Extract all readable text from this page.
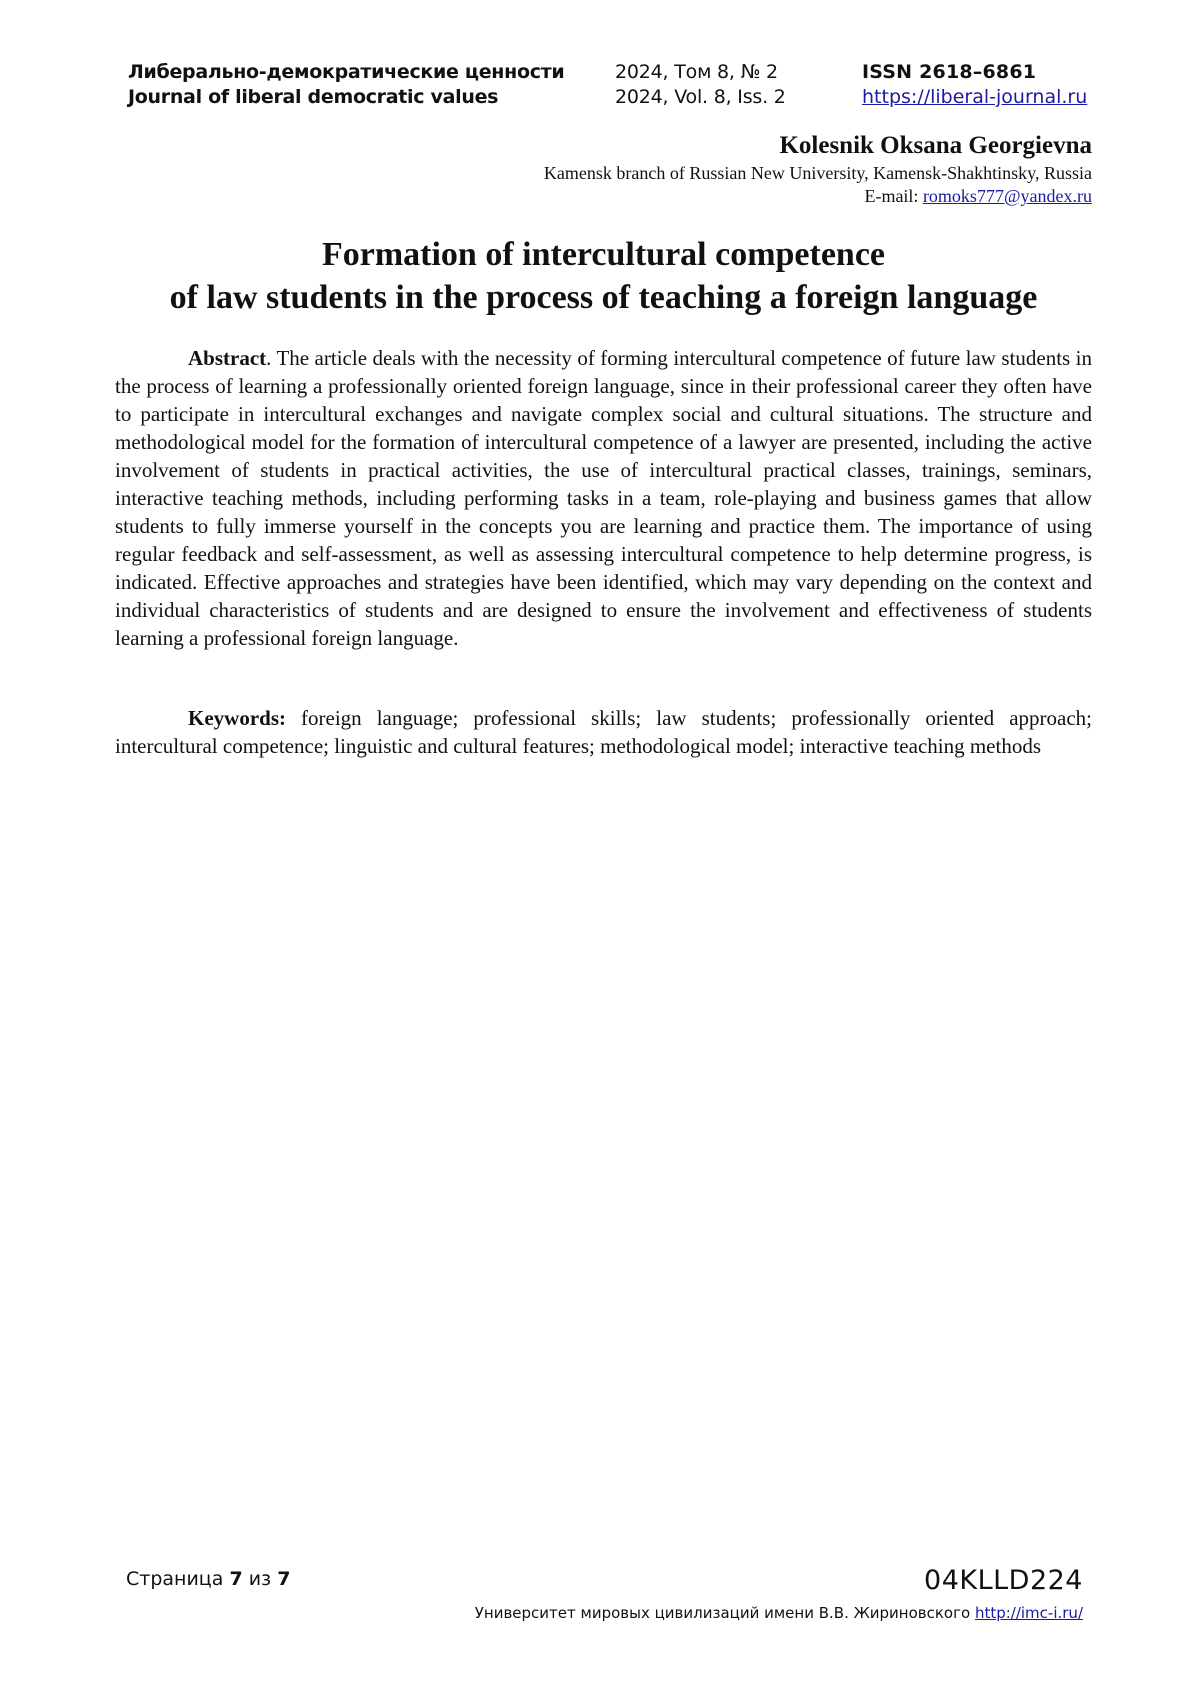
Либерально-демократические ценности
Journal of liberal democratic values
2024, Том 8, № 2
2024, Vol. 8, Iss. 2
ISSN 2618–6861
https://liberal-journal.ru
Kolesnik Oksana Georgievna
Kamensk branch of Russian New University, Kamensk-Shakhtinsky, Russia
E-mail: romoks777@yandex.ru
Formation of intercultural competence
of law students in the process of teaching a foreign language
Abstract. The article deals with the necessity of forming intercultural competence of future law students in the process of learning a professionally oriented foreign language, since in their professional career they often have to participate in intercultural exchanges and navigate complex social and cultural situations. The structure and methodological model for the formation of intercultural competence of a lawyer are presented, including the active involvement of students in practical activities, the use of intercultural practical classes, trainings, seminars, interactive teaching methods, including performing tasks in a team, role-playing and business games that allow students to fully immerse yourself in the concepts you are learning and practice them. The importance of using regular feedback and self-assessment, as well as assessing intercultural competence to help determine progress, is indicated. Effective approaches and strategies have been identified, which may vary depending on the context and individual characteristics of students and are designed to ensure the involvement and effectiveness of students learning a professional foreign language.
Keywords: foreign language; professional skills; law students; professionally oriented approach; intercultural competence; linguistic and cultural features; methodological model; interactive teaching methods
Страница 7 из 7	04KLLD224
Университет мировых цивилизаций имени В.В. Жириновского http://imc-i.ru/
